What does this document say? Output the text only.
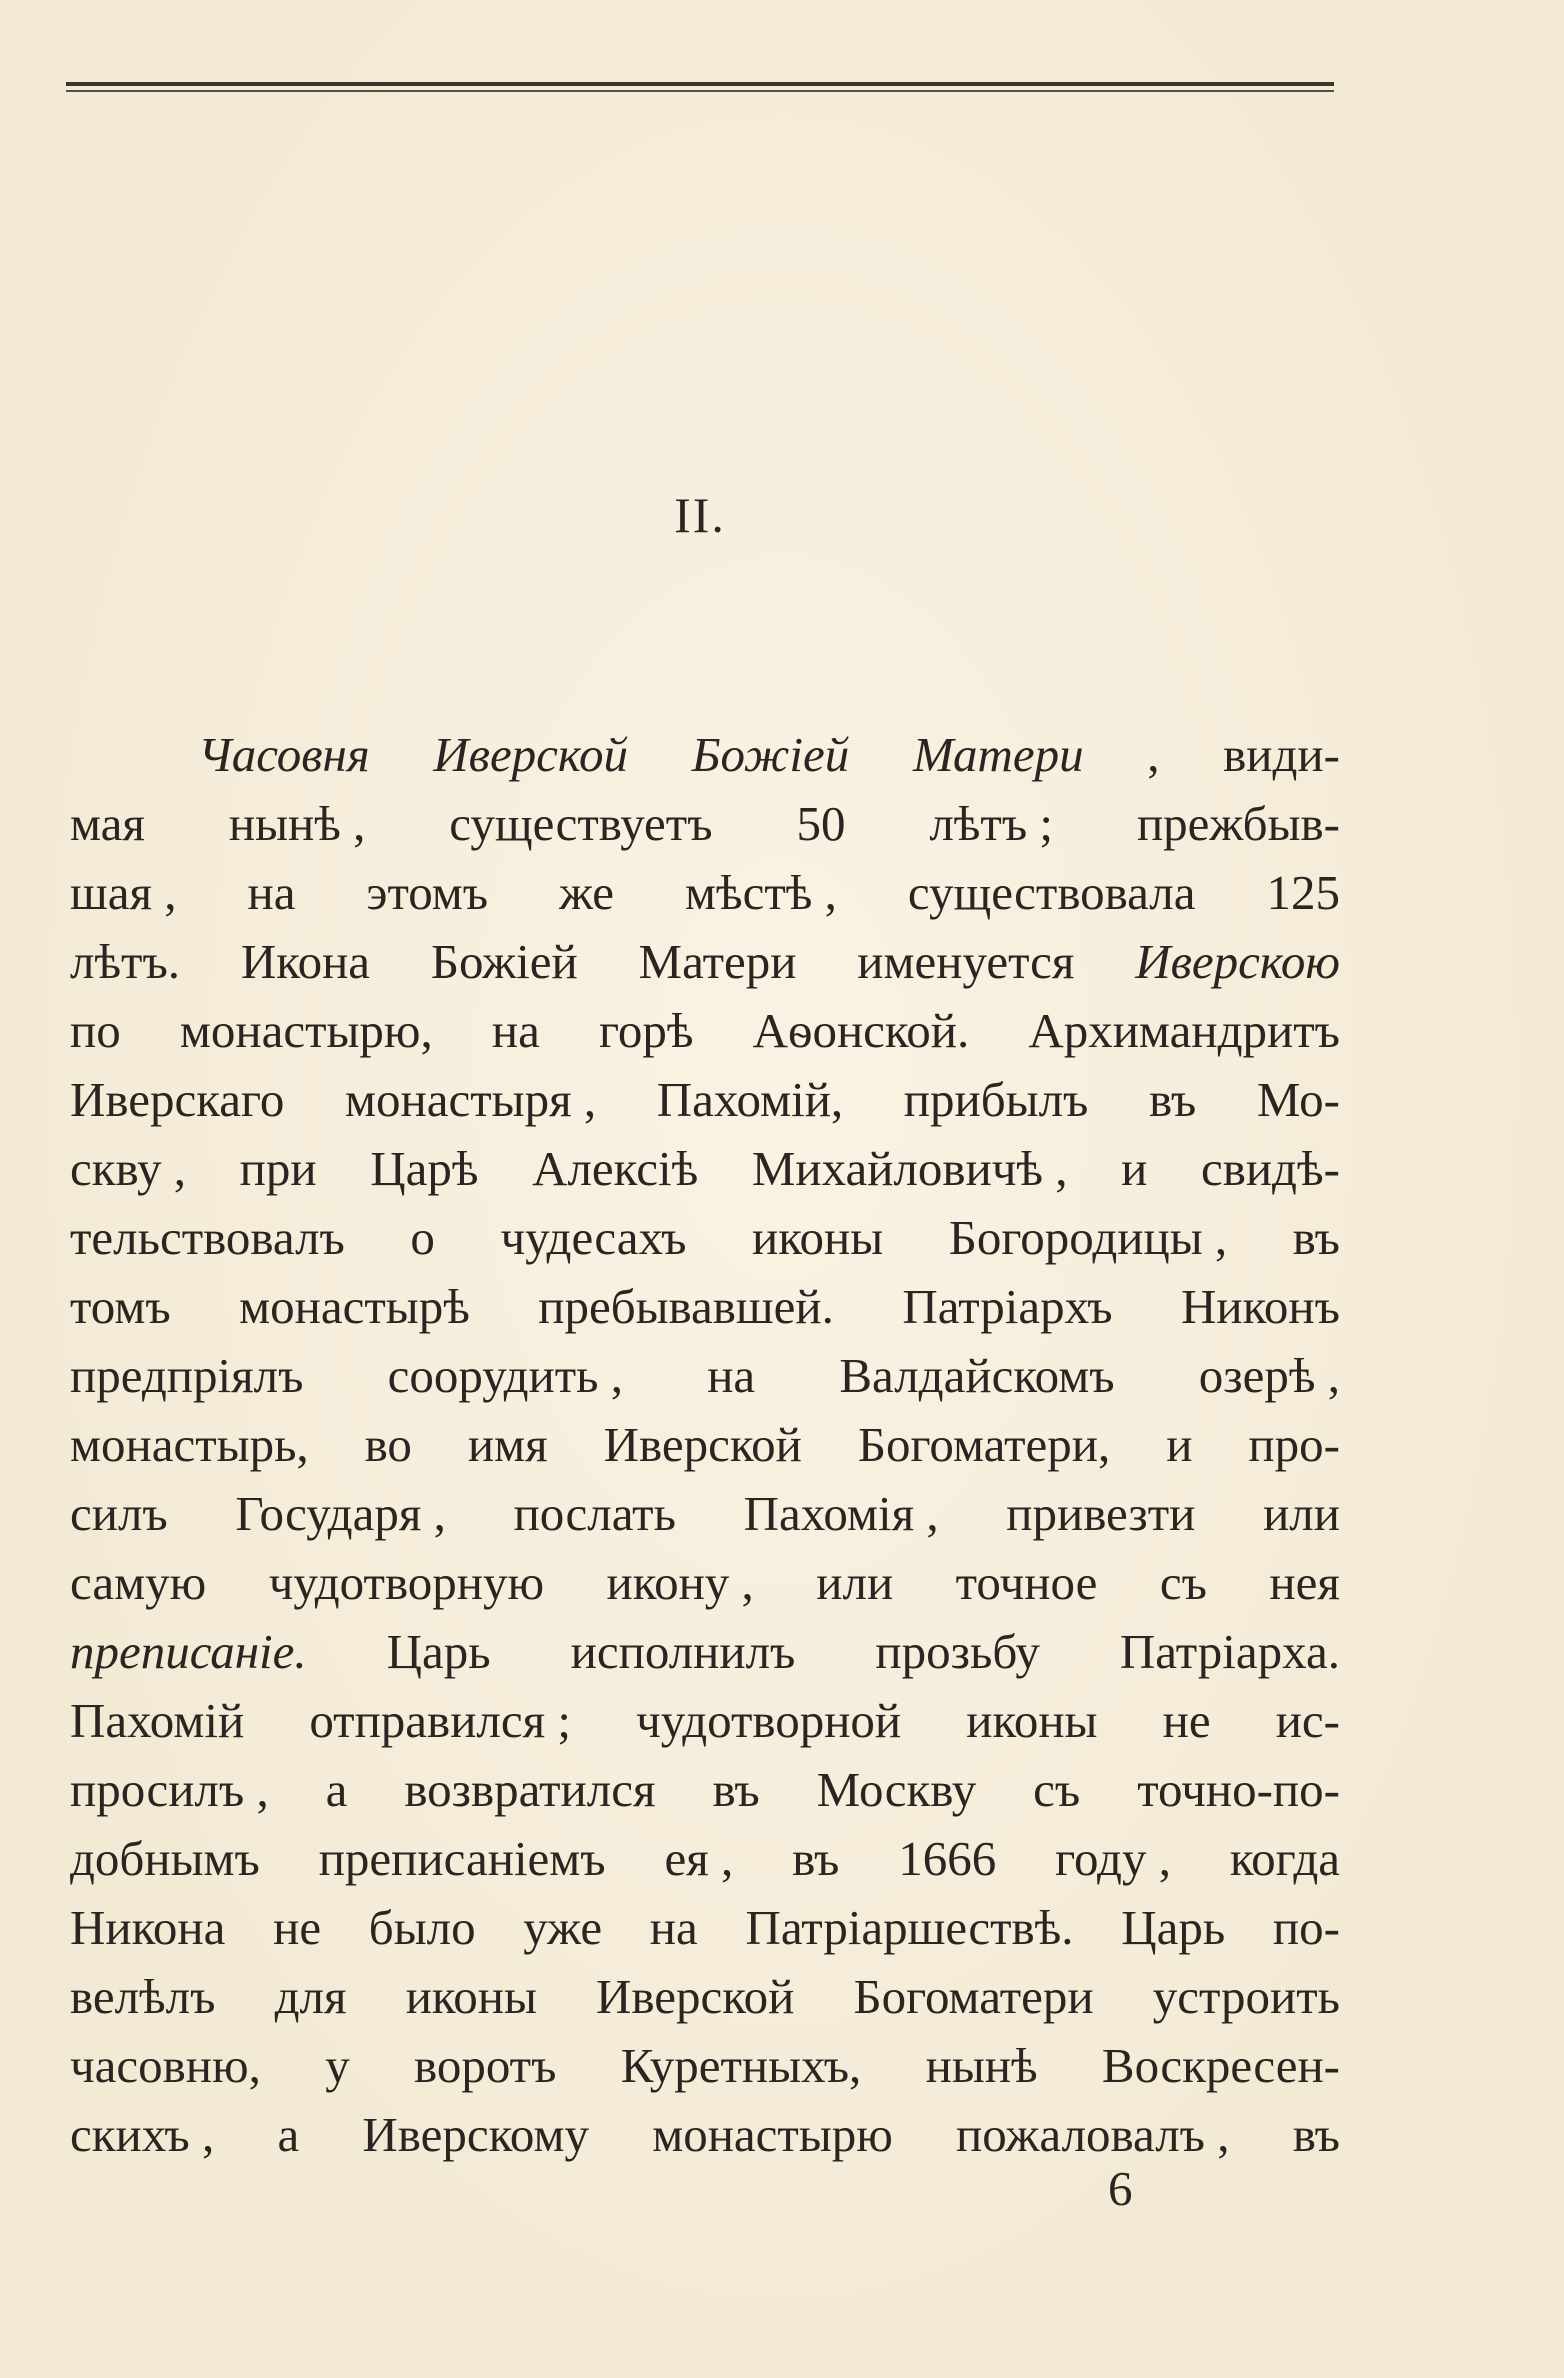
II.
Часовня Иверской Божіей Матери , види-
мая нынѣ , существуетъ 50 лѣтъ ; прежбыв-
шая , на этомъ же мѣстѣ , существовала 125
лѣтъ. Икона Божіей Матери именуется Иверскою
по монастырю, на горѣ Аѳонской. Архимандритъ
Иверскаго монастыря , Пахомій, прибылъ въ Мо-
скву , при Царѣ Алексіѣ Михайловичѣ , и свидѣ-
тельствовалъ о чудесахъ иконы Богородицы , въ
томъ монастырѣ пребывавшей. Патріархъ Никонъ
предпріялъ соорудить , на Валдайскомъ озерѣ ,
монастырь, во имя Иверской Богоматери, и про-
силъ Государя , послать Пахомія , привезти или
самую чудотворную икону , или точное съ нея
преписаніе. Царь исполнилъ прозьбу Патріарха.
Пахомій отправился ; чудотворной иконы не ис-
просилъ , а возвратился въ Москву съ точно-по-
добнымъ преписаніемъ ея , въ 1666 году , когда
Никона не было уже на Патріаршествѣ. Царь по-
велѣлъ для иконы Иверской Богоматери устроить
часовню, у воротъ Куретныхъ, нынѣ Воскресен-
скихъ , а Иверскому монастырю пожаловалъ , въ
6
